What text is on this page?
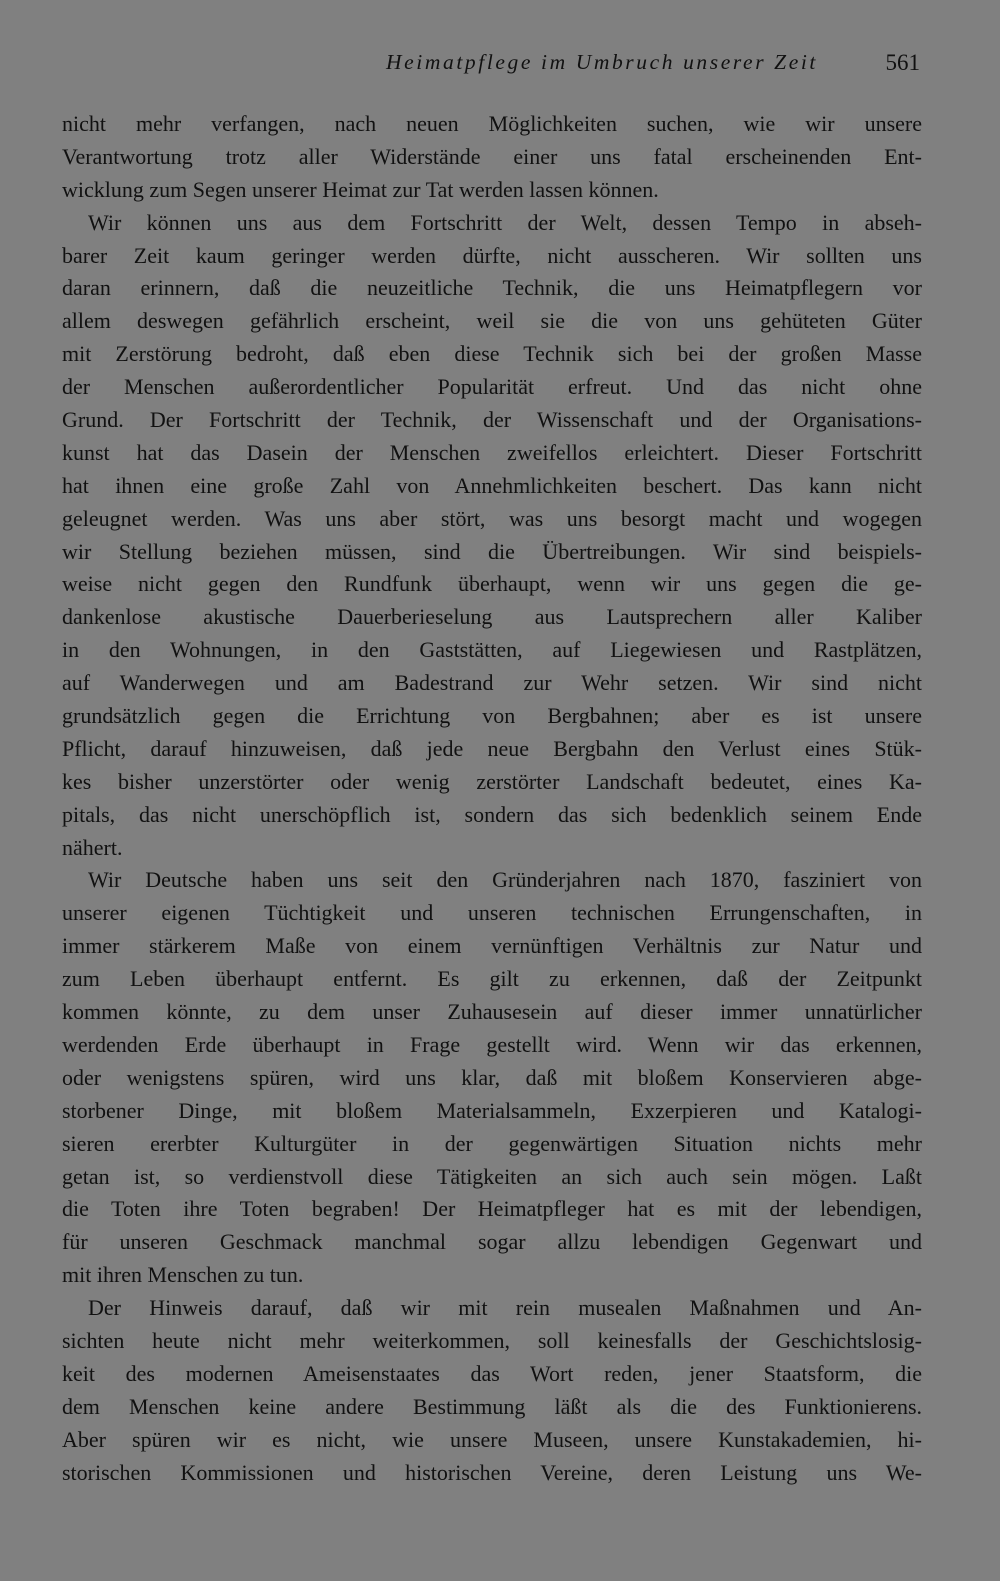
Heimatpflege im Umbruch unserer Zeit	561
nicht mehr verfangen, nach neuen Möglichkeiten suchen, wie wir unsere
Verantwortung trotz aller Widerstände einer uns fatal erscheinenden Ent-
wicklung zum Segen unserer Heimat zur Tat werden lassen können.
Wir können uns aus dem Fortschritt der Welt, dessen Tempo in abseh-
barer Zeit kaum geringer werden dürfte, nicht ausscheren. Wir sollten uns
daran erinnern, daß die neuzeitliche Technik, die uns Heimatpflegern vor
allem deswegen gefährlich erscheint, weil sie die von uns gehüteten Güter
mit Zerstörung bedroht, daß eben diese Technik sich bei der großen Masse
der Menschen außerordentlicher Popularität erfreut. Und das nicht ohne
Grund. Der Fortschritt der Technik, der Wissenschaft und der Organisations-
kunst hat das Dasein der Menschen zweifellos erleichtert. Dieser Fortschritt
hat ihnen eine große Zahl von Annehmlichkeiten beschert. Das kann nicht
geleugnet werden. Was uns aber stört, was uns besorgt macht und wogegen
wir Stellung beziehen müssen, sind die Übertreibungen. Wir sind beispiels-
weise nicht gegen den Rundfunk überhaupt, wenn wir uns gegen die ge-
dankenlose akustische Dauerberieselung aus Lautsprechern aller Kaliber
in den Wohnungen, in den Gaststätten, auf Liegewiesen und Rastplätzen,
auf Wanderwegen und am Badestrand zur Wehr setzen. Wir sind nicht
grundsätzlich gegen die Errichtung von Bergbahnen; aber es ist unsere
Pflicht, darauf hinzuweisen, daß jede neue Bergbahn den Verlust eines Stük-
kes bisher unzerstörter oder wenig zerstörter Landschaft bedeutet, eines Ka-
pitals, das nicht unerschöpflich ist, sondern das sich bedenklich seinem Ende
nähert.
Wir Deutsche haben uns seit den Gründerjahren nach 1870, fasziniert von
unserer eigenen Tüchtigkeit und unseren technischen Errungenschaften, in
immer stärkerem Maße von einem vernünftigen Verhältnis zur Natur und
zum Leben überhaupt entfernt. Es gilt zu erkennen, daß der Zeitpunkt
kommen könnte, zu dem unser Zuhausesein auf dieser immer unnatürlicher
werdenden Erde überhaupt in Frage gestellt wird. Wenn wir das erkennen,
oder wenigstens spüren, wird uns klar, daß mit bloßem Konservieren abge-
storbener Dinge, mit bloßem Materialsammeln, Exzerpieren und Katalogi-
sieren ererbter Kulturgüter in der gegenwärtigen Situation nichts mehr
getan ist, so verdienstvoll diese Tätigkeiten an sich auch sein mögen. Laßt
die Toten ihre Toten begraben! Der Heimatpfleger hat es mit der lebendigen,
für unseren Geschmack manchmal sogar allzu lebendigen Gegenwart und
mit ihren Menschen zu tun.
Der Hinweis darauf, daß wir mit rein musealen Maßnahmen und An-
sichten heute nicht mehr weiterkommen, soll keinesfalls der Geschichtslosig-
keit des modernen Ameisenstaates das Wort reden, jener Staatsform, die
dem Menschen keine andere Bestimmung läßt als die des Funktionierens.
Aber spüren wir es nicht, wie unsere Museen, unsere Kunstakademien, hi-
storischen Kommissionen und historischen Vereine, deren Leistung uns We-
